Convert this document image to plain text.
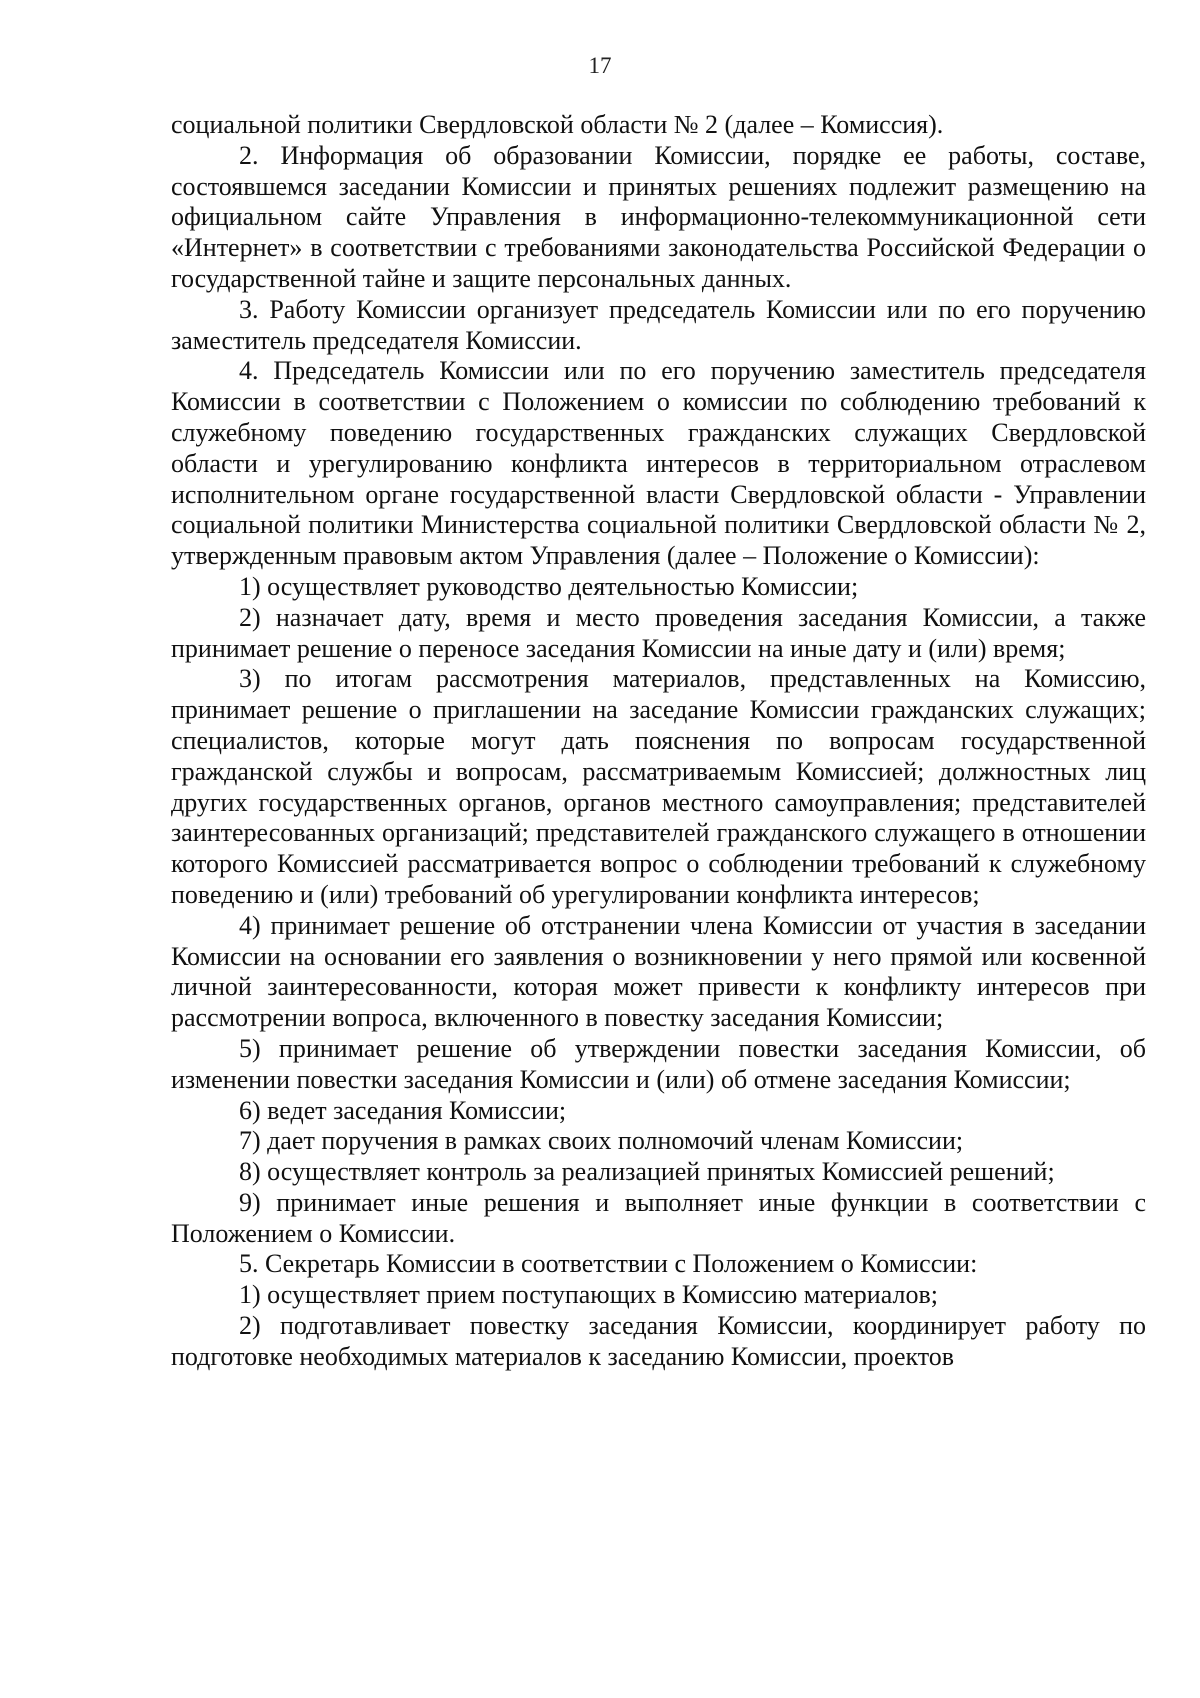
17

социальной политики Свердловской области № 2 (далее – Комиссия).

2. Информация об образовании Комиссии, порядке ее работы, составе, состоявшемся заседании Комиссии и принятых решениях подлежит размещению на официальном сайте Управления в информационно-телекоммуникационной сети «Интернет» в соответствии с требованиями законодательства Российской Федерации о государственной тайне и защите персональных данных.

3. Работу Комиссии организует председатель Комиссии или по его поручению заместитель председателя Комиссии.

4. Председатель Комиссии или по его поручению заместитель председателя Комиссии в соответствии с Положением о комиссии по соблюдению требований к служебному поведению государственных гражданских служащих Свердловской области и урегулированию конфликта интересов в территориальном отраслевом исполнительном органе государственной власти Свердловской области - Управлении социальной политики Министерства социальной политики Свердловской области № 2, утвержденным правовым актом Управления (далее – Положение о Комиссии):

1) осуществляет руководство деятельностью Комиссии;

2) назначает дату, время и место проведения заседания Комиссии, а также принимает решение о переносе заседания Комиссии на иные дату и (или) время;

3) по итогам рассмотрения материалов, представленных на Комиссию, принимает решение о приглашении на заседание Комиссии гражданских служащих; специалистов, которые могут дать пояснения по вопросам государственной гражданской службы и вопросам, рассматриваемым Комиссией; должностных лиц других государственных органов, органов местного самоуправления; представителей заинтересованных организаций; представителей гражданского служащего в отношении которого Комиссией рассматривается вопрос о соблюдении требований к служебному поведению и (или) требований об урегулировании конфликта интересов;

4) принимает решение об отстранении члена Комиссии от участия в заседании Комиссии на основании его заявления о возникновении у него прямой или косвенной личной заинтересованности, которая может привести к конфликту интересов при рассмотрении вопроса, включенного в повестку заседания Комиссии;

5) принимает решение об утверждении повестки заседания Комиссии, об изменении повестки заседания Комиссии и (или) об отмене заседания Комиссии;

6) ведет заседания Комиссии;

7) дает поручения в рамках своих полномочий членам Комиссии;

8) осуществляет контроль за реализацией принятых Комиссией решений;

9) принимает иные решения и выполняет иные функции в соответствии с Положением о Комиссии.

5. Секретарь Комиссии в соответствии с Положением о Комиссии:

1) осуществляет прием поступающих в Комиссию материалов;

2) подготавливает повестку заседания Комиссии, координирует работу по подготовке необходимых материалов к заседанию Комиссии, проектов
